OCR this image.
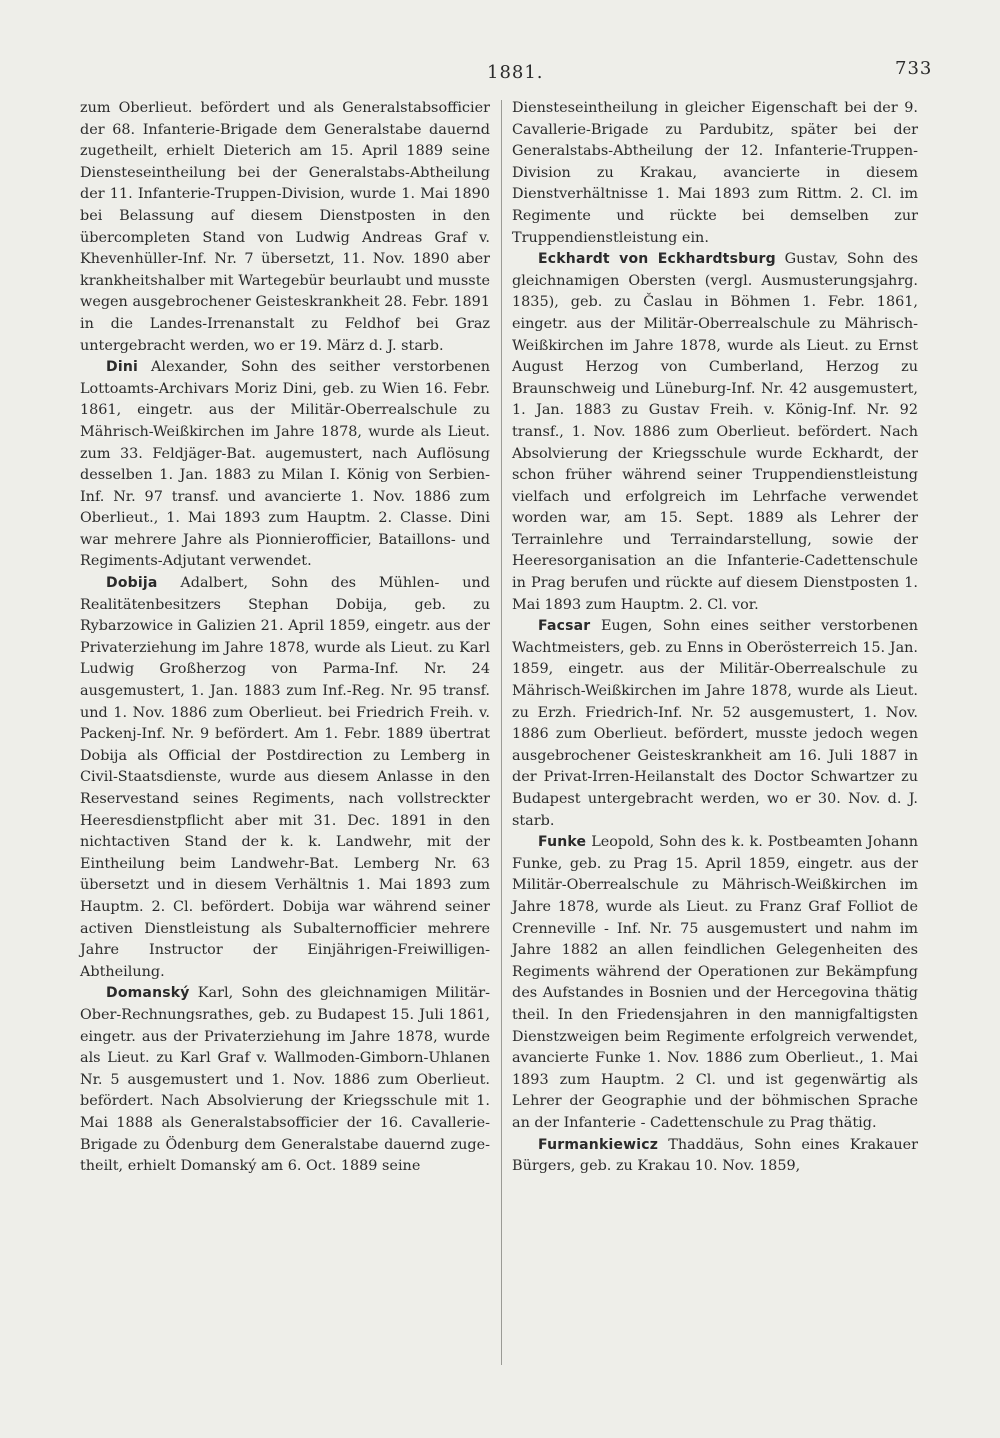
1881.	733

zum Oberlieut. befördert und als Generalstabsofficier der 68. Infanterie-Brigade dem Generalstabe dauernd zugetheilt, erhielt Dieterich am 15. April 1889 seine Diensteseintheilung bei der Generalstabs-Abtheilung der 11. Infanterie-Truppen-Division, wurde 1. Mai 1890 bei Belassung auf diesem Dienstposten in den übercompleten Stand von Ludwig Andreas Graf v. Khevenhüller-Inf. Nr. 7 übersetzt, 11. Nov. 1890 aber krankheitshalber mit Wartegebür beurlaubt und musste wegen ausgebrochener Geisteskrankheit 28. Febr. 1891 in die Landes-Irrenanstalt zu Feldhof bei Graz untergebracht werden, wo er 19. März d. J. starb.

Dini Alexander, Sohn des seither verstorbenen Lottoamts-Archivars Moriz Dini, geb. zu Wien 16. Febr. 1861, eingetr. aus der Militär-Oberrealschule zu Mährisch-Weißkirchen im Jahre 1878, wurde als Lieut. zum 33. Feldjäger-Bat. augemustert, nach Auflösung desselben 1. Jan. 1883 zu Milan I. König von Serbien-Inf. Nr. 97 transf. und avancierte 1. Nov. 1886 zum Oberlieut., 1. Mai 1893 zum Hauptm. 2. Classe. Dini war mehrere Jahre als Pionnierofficier, Bataillons- und Regiments-Adjutant verwendet.

Dobija Adalbert, Sohn des Mühlen- und Realitätenbesitzers Stephan Dobija, geb. zu Rybarzowice in Galizien 21. April 1859, eingetr. aus der Privaterziehung im Jahre 1878, wurde als Lieut. zu Karl Ludwig Großherzog von Parma-Inf. Nr. 24 ausgemustert, 1. Jan. 1883 zum Inf.-Reg. Nr. 95 transf. und 1. Nov. 1886 zum Oberlieut. bei Friedrich Freih. v. Packenj-Inf. Nr. 9 befördert. Am 1. Febr. 1889 übertrat Dobija als Official der Postdirection zu Lemberg in Civil-Staatsdienste, wurde aus diesem Anlasse in den Reservestand seines Regiments, nach vollstreckter Heeresdienstpflicht aber mit 31. Dec. 1891 in den nichtactiven Stand der k. k. Landwehr, mit der Eintheilung beim Landwehr-Bat. Lemberg Nr. 63 übersetzt und in diesem Verhältnis 1. Mai 1893 zum Hauptm. 2. Cl. befördert. Dobija war während seiner activen Dienstleistung als Subalternofficier mehrere Jahre Instructor der Einjährigen-Freiwilligen-Abtheilung.

Domanský Karl, Sohn des gleichnamigen Militär-Ober-Rechnungsrathes, geb. zu Budapest 15. Juli 1861, eingetr. aus der Privaterziehung im Jahre 1878, wurde als Lieut. zu Karl Graf v. Wallmoden-Gimborn-Uhlanen Nr. 5 ausgemustert und 1. Nov. 1886 zum Oberlieut. befördert. Nach Absolvierung der Kriegsschule mit 1. Mai 1888 als Generalstabsofficier der 16. Cavallerie-Brigade zu Ödenburg dem Generalstabe dauernd zugetheilt, erhielt Domanský am 6. Oct. 1889 seine

Diensteseintheilung in gleicher Eigenschaft bei der 9. Cavallerie-Brigade zu Pardubitz, später bei der Generalstabs-Abtheilung der 12. Infanterie-Truppen-Division zu Krakau, avancierte in diesem Dienstverhältnisse 1. Mai 1893 zum Rittm. 2. Cl. im Regimente und rückte bei demselben zur Truppendienstleistung ein.

Eckhardt von Eckhardtsburg Gustav, Sohn des gleichnamigen Obersten (vergl. Ausmusterungsjahrg. 1835), geb. zu Časlau in Böhmen 1. Febr. 1861, eingetr. aus der Militär-Oberrealschule zu Mährisch-Weißkirchen im Jahre 1878, wurde als Lieut. zu Ernst August Herzog von Cumberland, Herzog zu Braunschweig und Lüneburg-Inf. Nr. 42 ausgemustert, 1. Jan. 1883 zu Gustav Freih. v. König-Inf. Nr. 92 transf., 1. Nov. 1886 zum Oberlieut. befördert. Nach Absolvierung der Kriegsschule wurde Eckhardt, der schon früher während seiner Truppendienstleistung vielfach und erfolgreich im Lehrfache verwendet worden war, am 15. Sept. 1889 als Lehrer der Terrainlehre und Terraindarstellung, sowie der Heeresorganisation an die Infanterie-Cadettenschule in Prag berufen und rückte auf diesem Dienstposten 1. Mai 1893 zum Hauptm. 2. Cl. vor.

Facsar Eugen, Sohn eines seither verstorbenen Wachtmeisters, geb. zu Enns in Oberösterreich 15. Jan. 1859, eingetr. aus der Militär-Oberrealschule zu Mährisch-Weißkirchen im Jahre 1878, wurde als Lieut. zu Erzh. Friedrich-Inf. Nr. 52 ausgemustert, 1. Nov. 1886 zum Oberlieut. befördert, musste jedoch wegen ausgebrochener Geisteskrankheit am 16. Juli 1887 in der Privat-Irren-Heilanstalt des Doctor Schwartzer zu Budapest untergebracht werden, wo er 30. Nov. d. J. starb.

Funke Leopold, Sohn des k. k. Postbeamten Johann Funke, geb. zu Prag 15. April 1859, eingetr. aus der Militär-Oberrealschule zu Mährisch-Weißkirchen im Jahre 1878, wurde als Lieut. zu Franz Graf Folliot de Crenneville - Inf. Nr. 75 ausgemustert und nahm im Jahre 1882 an allen feindlichen Gelegenheiten des Regiments während der Operationen zur Bekämpfung des Aufstandes in Bosnien und der Hercegovina thätig theil. In den Friedensjahren in den mannigfaltigsten Dienstzweigen beim Regimente erfolgreich verwendet, avancierte Funke 1. Nov. 1886 zum Oberlieut., 1. Mai 1893 zum Hauptm. 2 Cl. und ist gegenwärtig als Lehrer der Geographie und der böhmischen Sprache an der Infanterie - Cadettenschule zu Prag thätig.

Furmankiewicz Thaddäus, Sohn eines Krakauer Bürgers, geb. zu Krakau 10. Nov. 1859,
